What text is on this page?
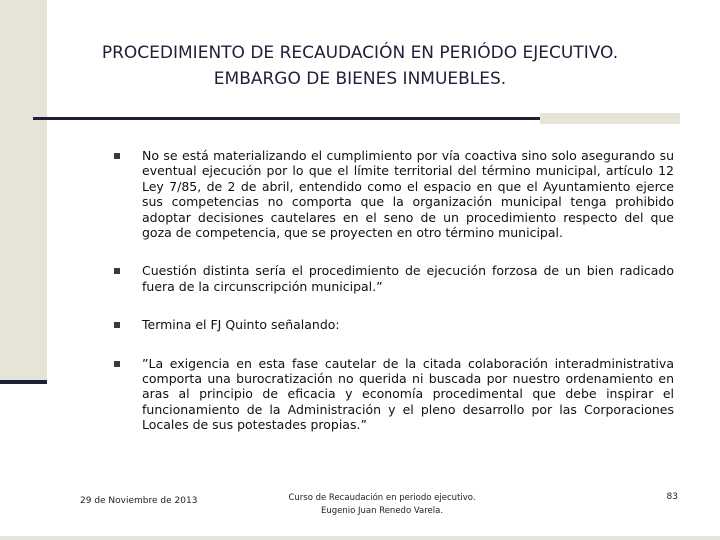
PROCEDIMIENTO DE RECAUDACIÓN EN PERIÓDO EJECUTIVO.
EMBARGO DE BIENES INMUEBLES.
No se está materializando el cumplimiento por vía coactiva sino solo asegurando su eventual ejecución por lo que el límite territorial del término municipal, artículo 12 Ley 7/85, de 2 de abril, entendido como el espacio en que el Ayuntamiento ejerce sus competencias no comporta que la organización municipal tenga prohibido adoptar decisiones cautelares en el seno de un procedimiento respecto del que goza de competencia, que se proyecten en otro término municipal.
Cuestión distinta sería el procedimiento de ejecución forzosa de un bien radicado fuera de la circunscripción municipal.”
Termina el FJ Quinto señalando:
”La exigencia en esta fase cautelar de la citada colaboración interadministrativa comporta una burocratización no querida ni buscada por nuestro ordenamiento en aras al principio de eficacia y economía procedimental que debe inspirar el funcionamiento de la Administración y el pleno desarrollo por las Corporaciones Locales de sus potestades propias.”
29 de Noviembre de 2013	Curso de Recaudación en periodo ejecutivo.
Eugenio Juan Renedo Varela.
83
